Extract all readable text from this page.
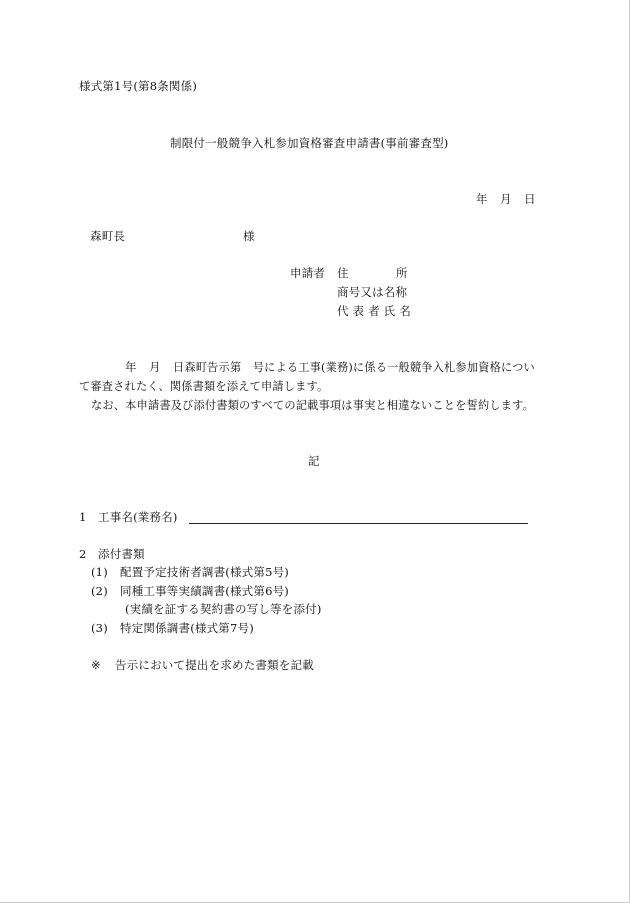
様式第1号(第8条関係)
制限付一般競争入札参加資格審査申請書(事前審査型)
年 月 日
森町長	様
申請者 住	所
商号又は名称
代 表 者 氏 名
年 月 日森町告示第　号による工事(業務)に係る一般競争入札参加資格につい
て審査されたく、関係書類を添えて申請します。
なお、本申請書及び添付書類のすべての記載事項は事実と相違ないことを誓約します。
記
1 工事名(業務名)
2 添付書類
(1) 配置予定技術者調書(様式第5号)
(2) 同種工事等実績調書(様式第6号)
(実績を証する契約書の写し等を添付)
(3) 特定関係調書(様式第7号)
※ 告示において提出を求めた書類を記載
